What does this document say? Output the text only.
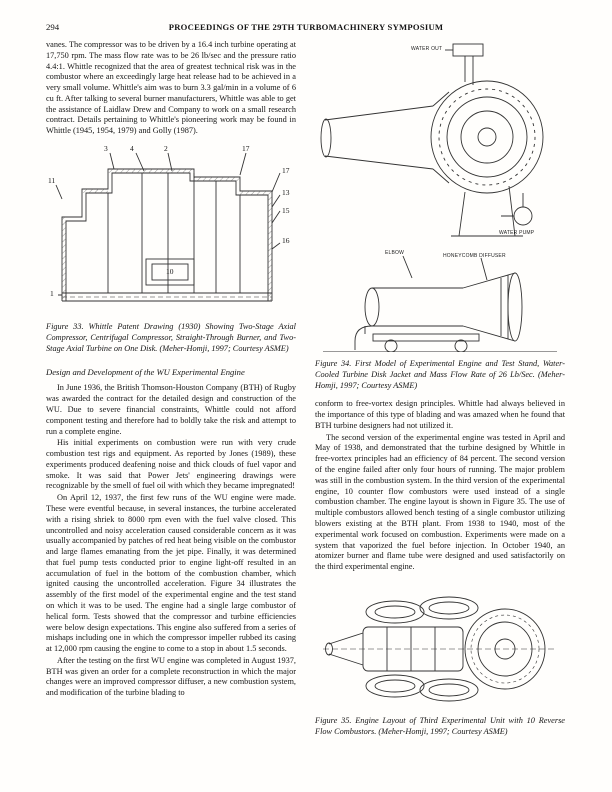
294	PROCEEDINGS OF THE 29TH TURBOMACHINERY SYMPOSIUM

vanes. The compressor was to be driven by a 16.4 inch turbine operating at 17,750 rpm. The mass flow rate was to be 26 lb/sec and the pressure ratio 4.4:1. Whittle recognized that the area of greatest technical risk was in the combustor where an exceedingly large heat release had to be achieved in a very small volume. Whittle's aim was to burn 3.3 gal/min in a volume of 6 cu ft. After talking to several burner manufacturers, Whittle was able to get the assistance of Laidlaw Drew and Company to work on a small research contract. Details pertaining to Whittle's pioneering work may be found in Whittle (1945, 1954, 1979) and Golly (1987).

4	2	17
17
13
15
16
11
10
1
3

Figure 33. Whittle Patent Drawing (1930) Showing Two-Stage Axial Compressor, Centrifugal Compressor, Straight-Through Burner, and Two-Stage Axial Turbine on One Disk. (Meher-Homji, 1997; Courtesy ASME)

Design and Development of the WU Experimental Engine

In June 1936, the British Thomson-Houston Company (BTH) of Rugby was awarded the contract for the detailed design and construction of the WU. Due to severe financial constraints, Whittle could not afford component testing and therefore had to boldly take the risk and attempt to run a complete engine.

His initial experiments on combustion were run with very crude combustion test rigs and equipment. As reported by Jones (1989), these experiments produced deafening noise and thick clouds of fuel vapor and smoke. It was said that Power Jets' engineering drawings were recognizable by the smell of fuel oil with which they became impregnated!

On April 12, 1937, the first few runs of the WU engine were made. These were eventful because, in several instances, the turbine accelerated with a rising shriek to 8000 rpm even with the fuel valve closed. This uncontrolled and noisy acceleration caused considerable concern as it was usually accompanied by patches of red heat being visible on the combustor and large flames emanating from the jet pipe. Finally, it was determined that fuel pump tests conducted prior to engine light-off resulted in an accumulation of fuel in the bottom of the combustion chamber, which ignited causing the uncontrolled acceleration. Figure 34 illustrates the assembly of the first model of the experimental engine and the test stand on which it was to be used. The engine had a single large combustor of helical form. Tests showed that the compressor and turbine efficiencies were below design expectations. This engine also suffered from a series of mishaps including one in which the compressor impeller rubbed its casing at 12,000 rpm causing the engine to come to a stop in about 1.5 seconds.

After the testing on the first WU engine was completed in August 1937, BTH was given an order for a complete reconstruction in which the major changes were an improved compressor diffuser, a new combustion system, and modification of the turbine blading to

WATER OUT
WATER PUMP
ELBOW	HONEYCOMB DIFFUSER

Figure 34. First Model of Experimental Engine and Test Stand, Water-Cooled Turbine Disk Jacket and Mass Flow Rate of 26 Lb/Sec. (Meher-Homji, 1997; Courtesy ASME)

conform to free-vortex design principles. Whittle had always believed in the importance of this type of blading and was amazed when he found that BTH turbine designers had not utilized it.

The second version of the experimental engine was tested in April and May of 1938, and demonstrated that the turbine designed by Whittle in free-vortex principles had an efficiency of 84 percent. The second version of the engine failed after only four hours of running. The major problem was still in the combustion system. In the third version of the experimental engine, 10 counter flow combustors were used instead of a single combustion chamber. The engine layout is shown in Figure 35. The use of multiple combustors allowed bench testing of a single combustor utilizing blowers existing at the BTH plant. From 1938 to 1940, most of the experimental work focused on combustion. Experiments were made on a system that vaporized the fuel before injection. In October 1940, an atomizer burner and flame tube were designed and used satisfactorily on the third experimental engine.

Figure 35. Engine Layout of Third Experimental Unit with 10 Reverse Flow Combustors. (Meher-Homji, 1997; Courtesy ASME)
